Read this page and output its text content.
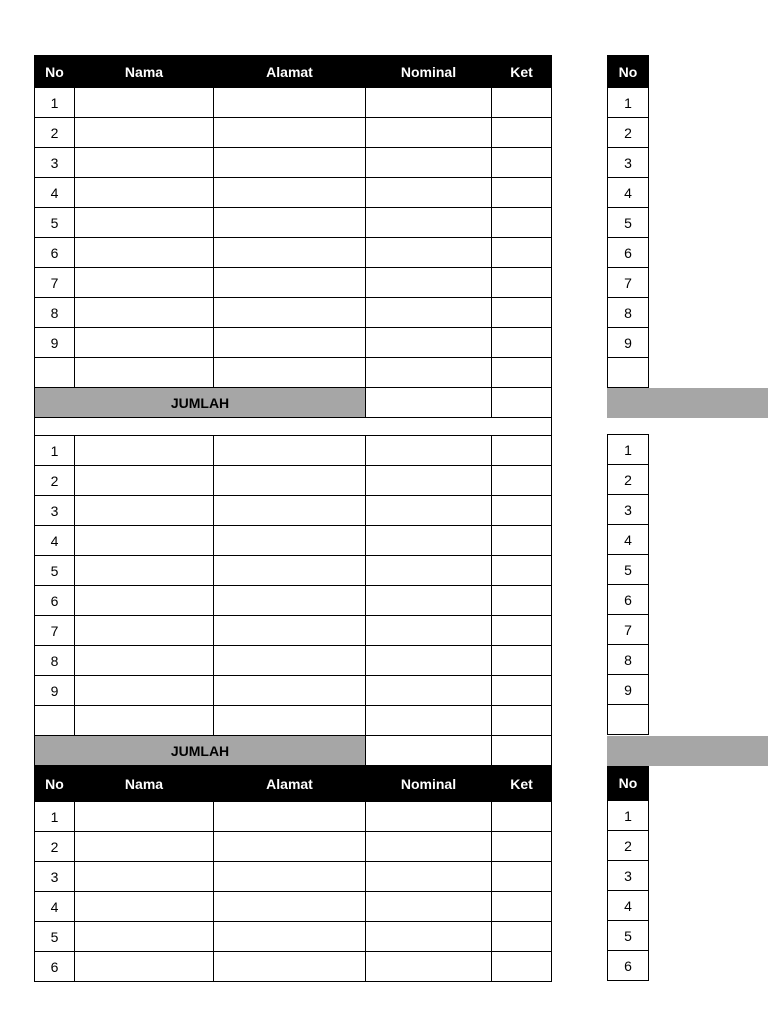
No	Nama	Alamat	Nominal	Ket
1				
2				
3				
4				
5				
6				
7				
8				
9				

JUMLAH				

1				
2				
3				
4				
5				
6				
7				
8				
9				

JUMLAH				
No	Nama	Alamat	Nominal	Ket
1				
2				
3				
4				
5				
6				
No
1
2
3
4
5
6
7
8
9

1
2
3
4
5
6
7
8
9

No
1
2
3
4
5
6
